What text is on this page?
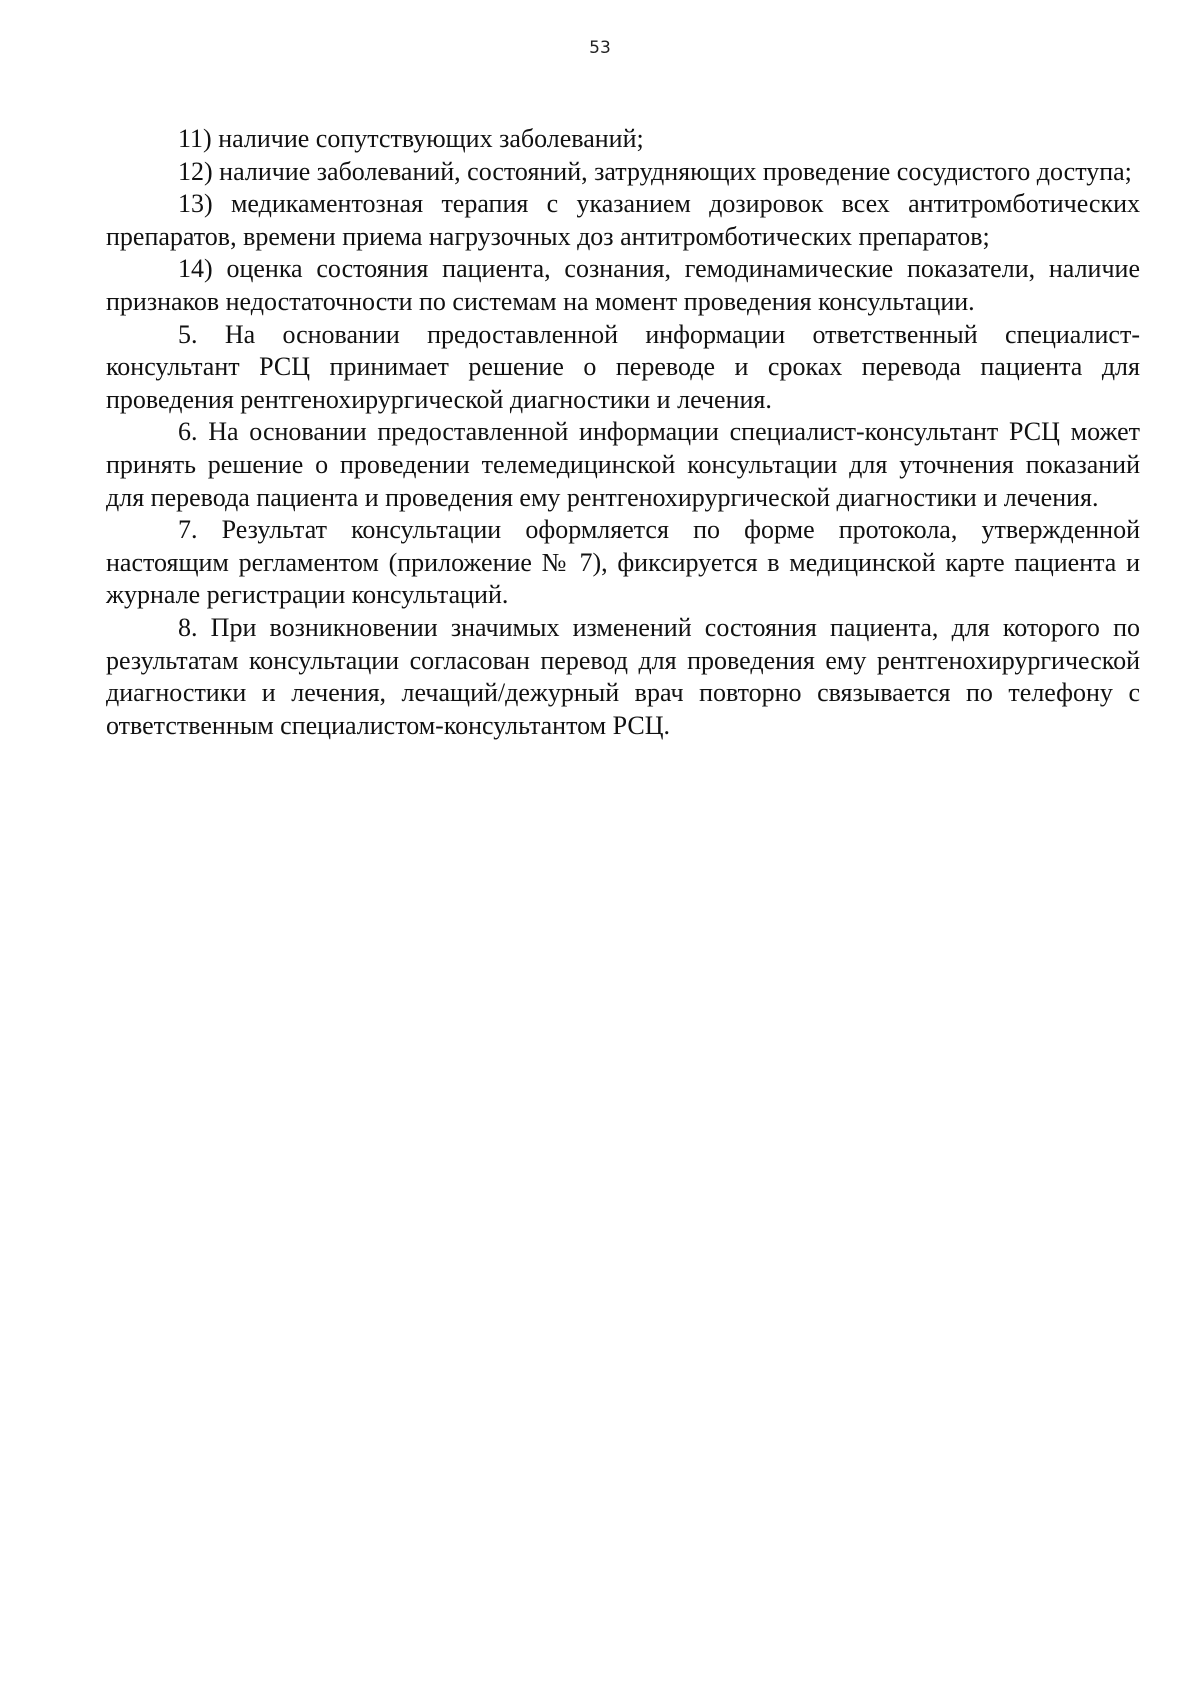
53

11) наличие сопутствующих заболеваний;

12) наличие заболеваний, состояний, затрудняющих проведение сосудистого доступа;

13) медикаментозная терапия с указанием дозировок всех антитромботических препаратов, времени приема нагрузочных доз антитромботических препаратов;

14) оценка состояния пациента, сознания, гемодинамические показатели, наличие признаков недостаточности по системам на момент проведения консультации.

5. На основании предоставленной информации ответственный специалист-консультант РСЦ принимает решение о переводе и сроках перевода пациента для проведения рентгенохирургической диагностики и лечения.

6. На основании предоставленной информации специалист-консультант РСЦ может принять решение о проведении телемедицинской консультации для уточнения показаний для перевода пациента и проведения ему рентгенохирургической диагностики и лечения.

7. Результат консультации оформляется по форме протокола, утвержденной настоящим регламентом (приложение № 7), фиксируется в медицинской карте пациента и журнале регистрации консультаций.

8. При возникновении значимых изменений состояния пациента, для которого по результатам консультации согласован перевод для проведения ему рентгенохирургической диагностики и лечения, лечащий/дежурный врач повторно связывается по телефону с ответственным специалистом-консультантом РСЦ.
